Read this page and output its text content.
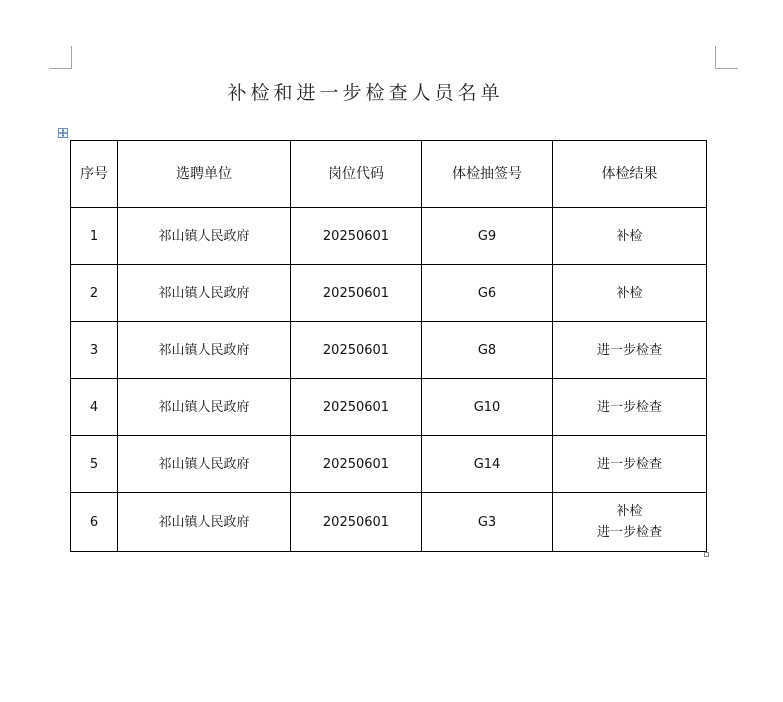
补检和进一步检查人员名单
序号	选聘单位	岗位代码	体检抽签号	体检结果
1	祁山镇人民政府	20250601	G9	补检
2	祁山镇人民政府	20250601	G6	补检
3	祁山镇人民政府	20250601	G8	进一步检查
4	祁山镇人民政府	20250601	G10	进一步检查
5	祁山镇人民政府	20250601	G14	进一步检查
6	祁山镇人民政府	20250601	G3	补检
进一步检查
